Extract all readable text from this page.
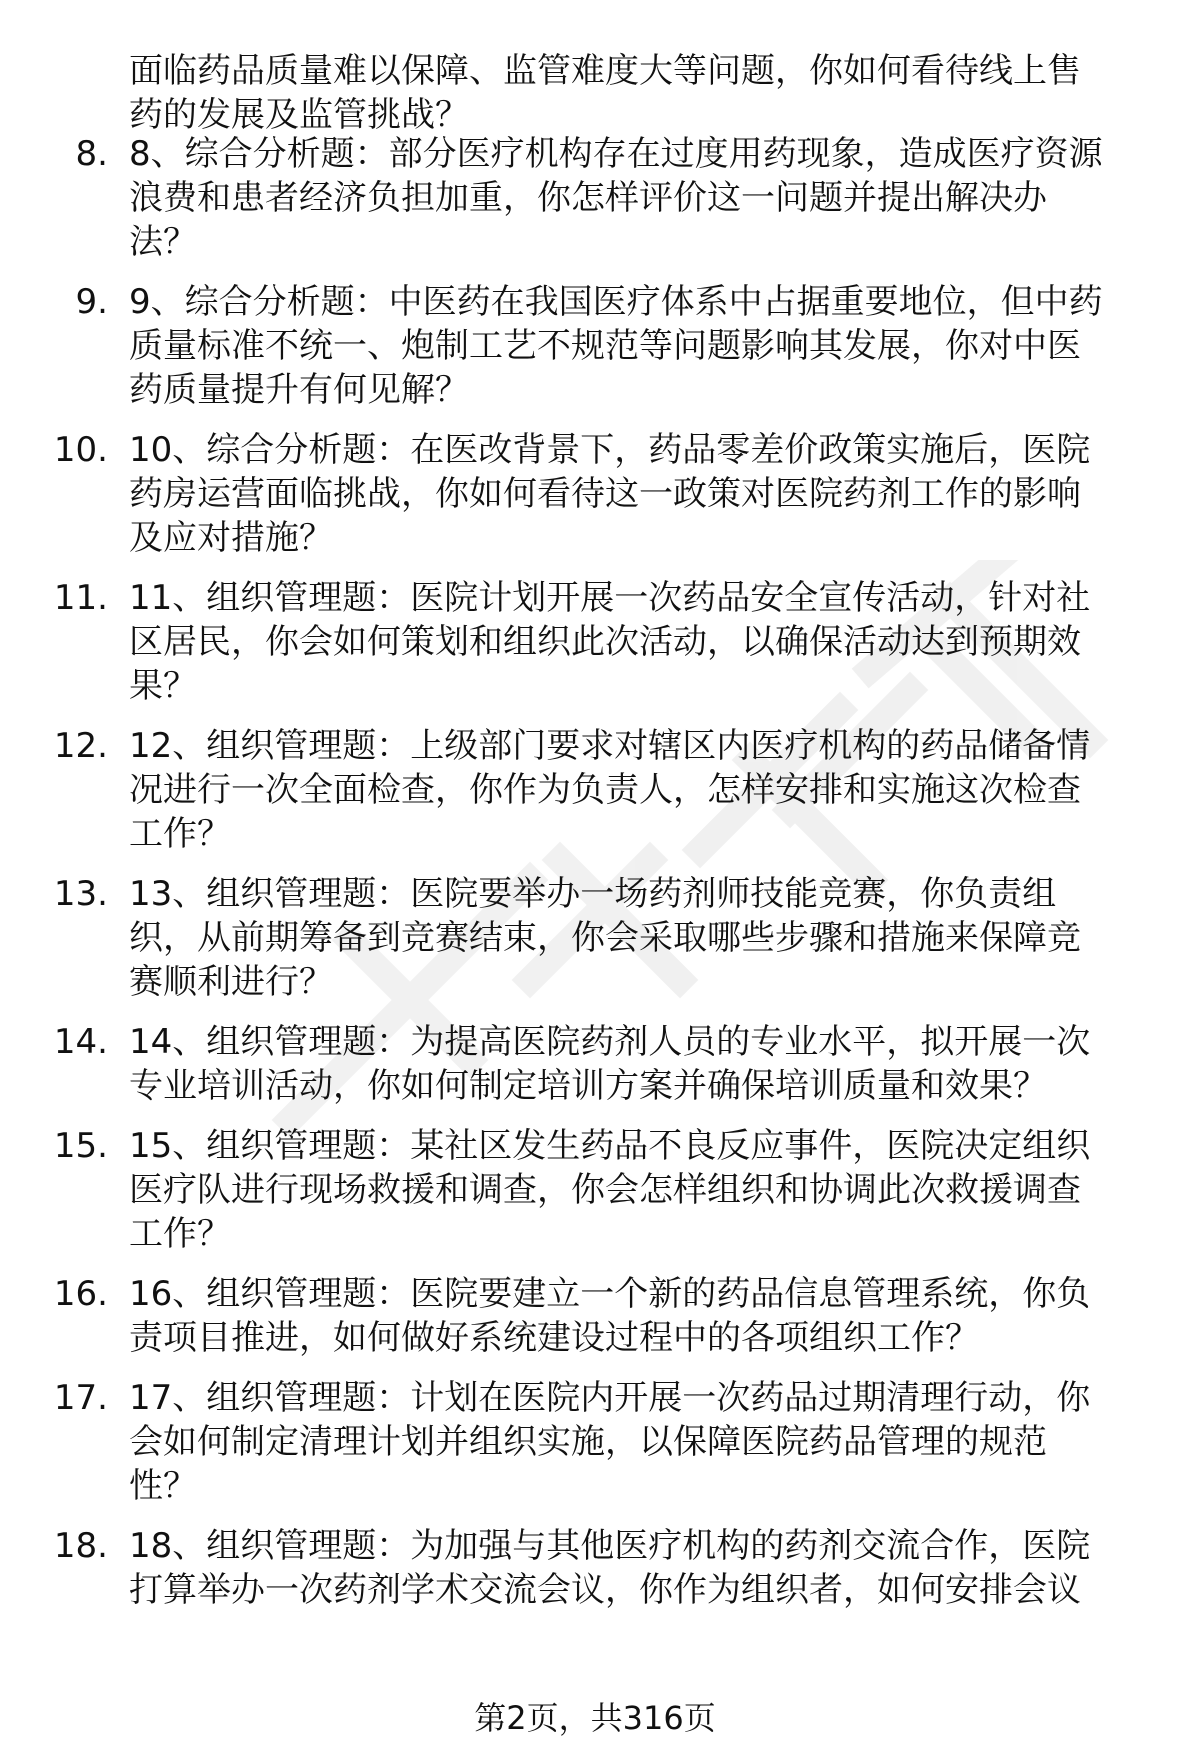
面临药品质量难以保障、监管难度大等问题，你如何看待线上售
药的发展及监管挑战？
8. 8、综合分析题：部分医疗机构存在过度用药现象，造成医疗资源
浪费和患者经济负担加重，你怎样评价这一问题并提出解决办
法？
9. 9、综合分析题：中医药在我国医疗体系中占据重要地位，但中药
质量标准不统一、炮制工艺不规范等问题影响其发展，你对中医
药质量提升有何见解？
10. 10、综合分析题：在医改背景下，药品零差价政策实施后，医院
药房运营面临挑战，你如何看待这一政策对医院药剂工作的影响
及应对措施？
11. 11、组织管理题：医院计划开展一次药品安全宣传活动，针对社
区居民，你会如何策划和组织此次活动，以确保活动达到预期效
果？
12. 12、组织管理题：上级部门要求对辖区内医疗机构的药品储备情
况进行一次全面检查，你作为负责人，怎样安排和实施这次检查
工作？
13. 13、组织管理题：医院要举办一场药剂师技能竞赛，你负责组
织，从前期筹备到竞赛结束，你会采取哪些步骤和措施来保障竞
赛顺利进行？
14. 14、组织管理题：为提高医院药剂人员的专业水平，拟开展一次
专业培训活动，你如何制定培训方案并确保培训质量和效果？
15. 15、组织管理题：某社区发生药品不良反应事件，医院决定组织
医疗队进行现场救援和调查，你会怎样组织和协调此次救援调查
工作？
16. 16、组织管理题：医院要建立一个新的药品信息管理系统，你负
责项目推进，如何做好系统建设过程中的各项组织工作？
17. 17、组织管理题：计划在医院内开展一次药品过期清理行动，你
会如何制定清理计划并组织实施，以保障医院药品管理的规范
性？
18. 18、组织管理题：为加强与其他医疗机构的药剂交流合作，医院
打算举办一次药剂学术交流会议，你作为组织者，如何安排会议
第2页，共316页
